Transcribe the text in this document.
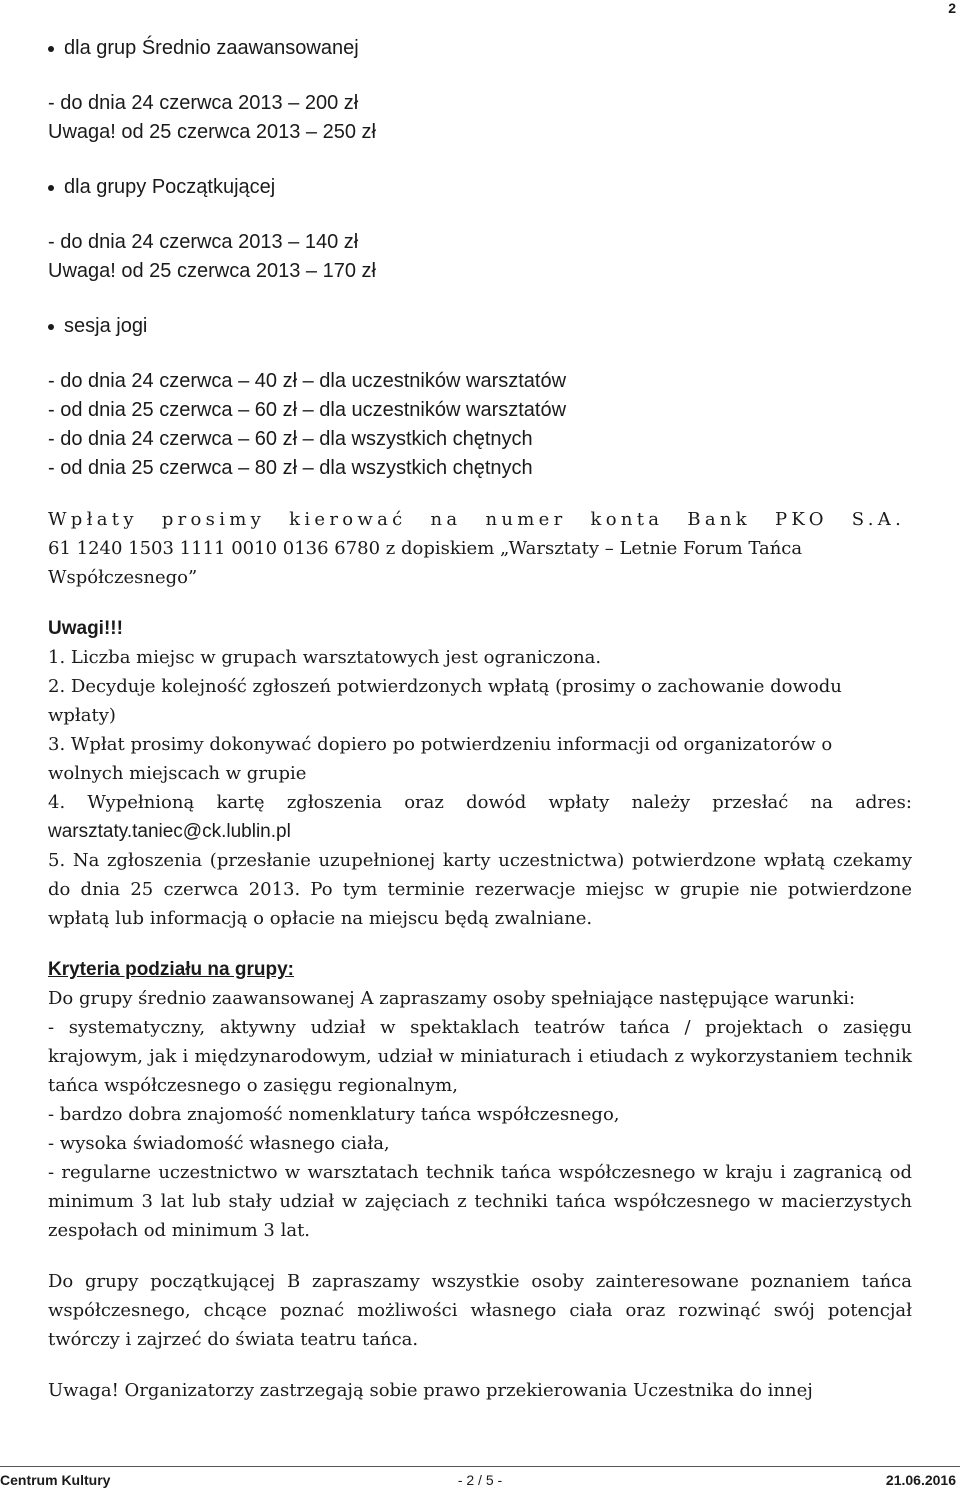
2
dla grup Średnio zaawansowanej
- do dnia 24 czerwca 2013 – 200 zł
Uwaga! od 25 czerwca 2013 – 250 zł
dla grupy Początkującej
- do dnia 24 czerwca 2013 – 140 zł
Uwaga! od 25 czerwca 2013 – 170 zł
sesja jogi
- do dnia 24 czerwca – 40 zł – dla uczestników warsztatów
- od dnia 25 czerwca – 60 zł – dla uczestników warsztatów
- do dnia 24 czerwca – 60 zł – dla wszystkich chętnych
- od dnia 25 czerwca – 80 zł – dla wszystkich chętnych
Wpłaty prosimy kierować na numer konta Bank PKO S.A.
61 1240 1503 1111 0010 0136 6780 z dopiskiem „Warsztaty – Letnie Forum Tańca Współczesnego”
Uwagi!!!
1. Liczba miejsc w grupach warsztatowych jest ograniczona.
2. Decyduje kolejność zgłoszeń potwierdzonych wpłatą (prosimy o zachowanie dowodu wpłaty)
3. Wpłat prosimy dokonywać dopiero po potwierdzeniu informacji od organizatorów o wolnych miejscach w grupie
4. Wypełnioną kartę zgłoszenia oraz dowód wpłaty należy przesłać na adres:
warsztaty.taniec@ck.lublin.pl
5. Na zgłoszenia (przesłanie uzupełnionej karty uczestnictwa) potwierdzone wpłatą czekamy do dnia 25 czerwca 2013. Po tym terminie rezerwacje miejsc w grupie nie potwierdzone wpłatą lub informacją o opłacie na miejscu będą zwalniane.
Kryteria podziału na grupy:
Do grupy średnio zaawansowanej A zapraszamy osoby spełniające następujące warunki:
- systematyczny, aktywny udział w spektaklach teatrów tańca / projektach o zasięgu krajowym, jak i międzynarodowym, udział w miniaturach i etiudach z wykorzystaniem technik tańca współczesnego o zasięgu regionalnym,
- bardzo dobra znajomość nomenklatury tańca współczesnego,
- wysoka świadomość własnego ciała,
- regularne uczestnictwo w warsztatach technik tańca współczesnego w kraju i zagranicą od minimum 3 lat lub stały udział w zajęciach z techniki tańca współczesnego w macierzystych zespołach od minimum 3 lat.
Do grupy początkującej B zapraszamy wszystkie osoby zainteresowane poznaniem tańca współczesnego, chcące poznać możliwości własnego ciała oraz rozwinąć swój potencjał twórczy i zajrzeć do świata teatru tańca.
Uwaga! Organizatorzy zastrzegają sobie prawo przekierowania Uczestnika do innej
Centrum Kultury	- 2 / 5 -	21.06.2016
